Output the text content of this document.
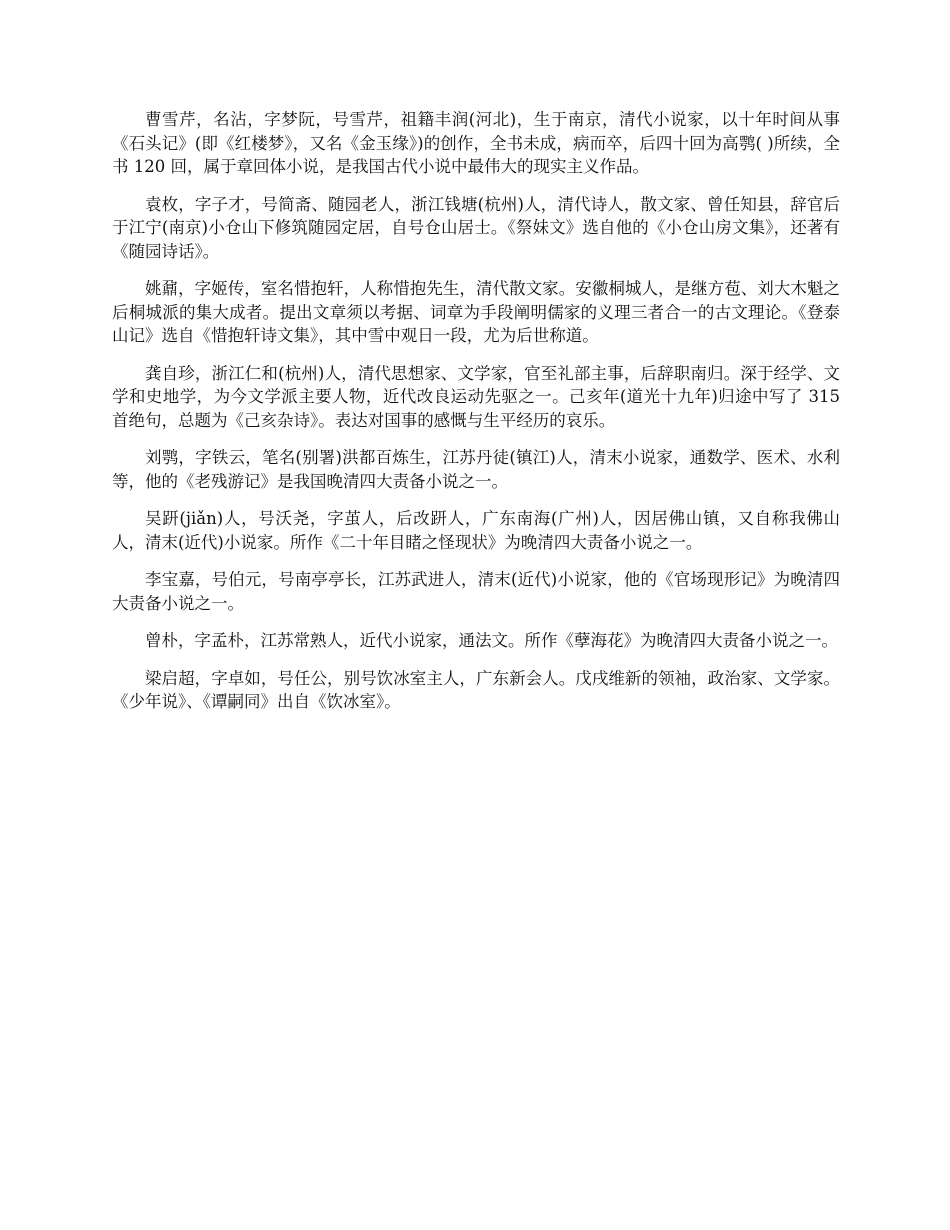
曹雪芹，名沾，字梦阮，号雪芹，祖籍丰润(河北)，生于南京，清代小说家，以十年时间从事《石头记》(即《红楼梦》，又名《金玉缘》)的创作，全书未成，病而卒，后四十回为高鹗( )所续，全书 120 回，属于章回体小说，是我国古代小说中最伟大的现实主义作品。

袁枚，字子才，号简斋、随园老人，浙江钱塘(杭州)人，清代诗人，散文家、曾任知县，辞官后于江宁(南京)小仓山下修筑随园定居，自号仓山居士。《祭妹文》选自他的《小仓山房文集》，还著有《随园诗话》。

姚鼐，字姬传，室名惜抱轩，人称惜抱先生，清代散文家。安徽桐城人，是继方苞、刘大木魁之后桐城派的集大成者。提出文章须以考据、词章为手段阐明儒家的义理三者合一的古文理论。《登泰山记》选自《惜抱轩诗文集》，其中雪中观日一段，尤为后世称道。

龚自珍，浙江仁和(杭州)人，清代思想家、文学家，官至礼部主事，后辞职南归。深于经学、文学和史地学，为今文学派主要人物，近代改良运动先驱之一。己亥年(道光十九年)归途中写了 315 首绝句，总题为《己亥杂诗》。表达对国事的感慨与生平经历的哀乐。

刘鹗，字铁云，笔名(别署)洪都百炼生，江苏丹徒(镇江)人，清末小说家，通数学、医术、水利等，他的《老残游记》是我国晚清四大责备小说之一。

吴趼(jiǎn)人，号沃尧，字茧人，后改趼人，广东南海(广州)人，因居佛山镇，又自称我佛山人，清末(近代)小说家。所作《二十年目睹之怪现状》为晚清四大责备小说之一。

李宝嘉，号伯元，号南亭亭长，江苏武进人，清末(近代)小说家，他的《官场现形记》为晚清四大责备小说之一。

曾朴，字孟朴，江苏常熟人，近代小说家，通法文。所作《孽海花》为晚清四大责备小说之一。

梁启超，字卓如，号任公，别号饮冰室主人，广东新会人。戊戌维新的领袖，政治家、文学家。《少年说》、《谭嗣同》出自《饮冰室》。
